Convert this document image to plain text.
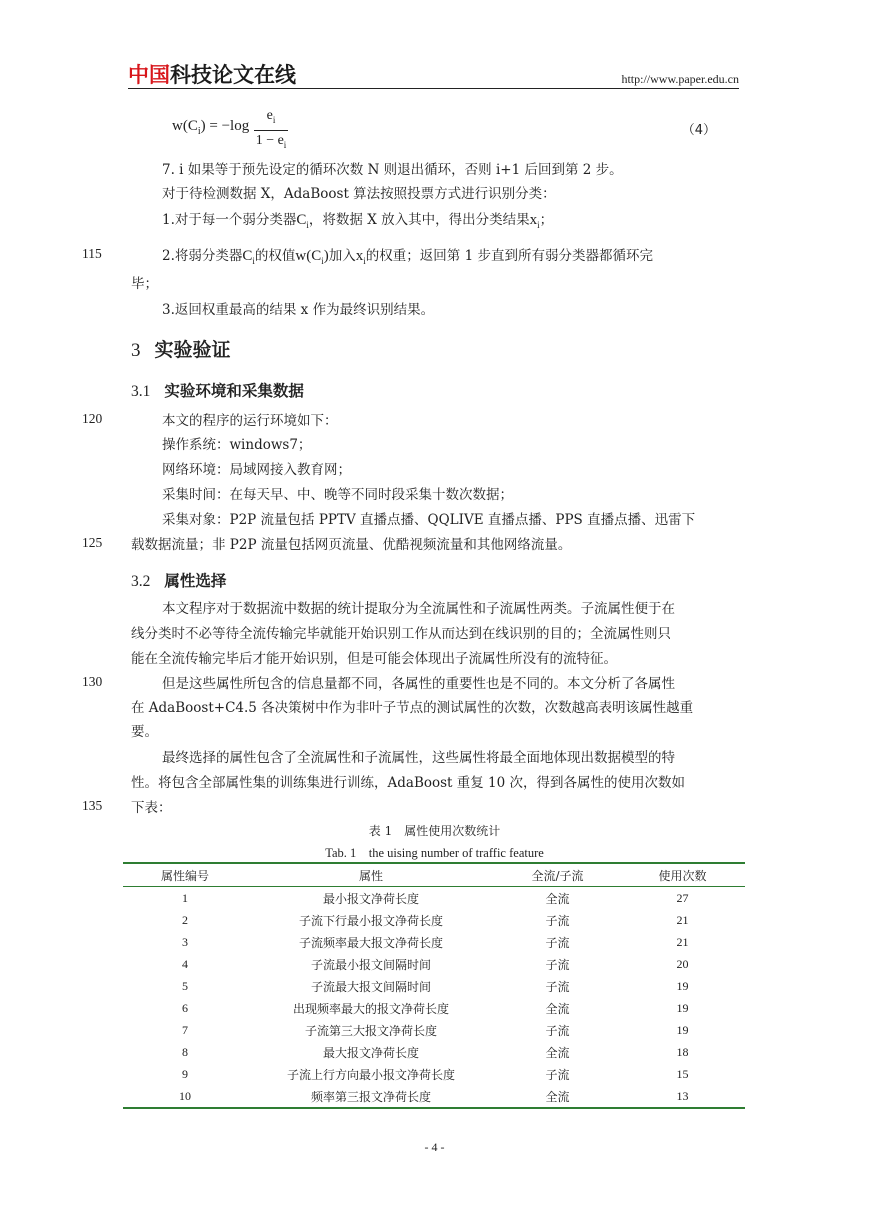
中国科技论文在线	http://www.paper.edu.cn
$w(C_i) = -\log$
$e_i$
$1 - e_i$
（4）
7. i 如果等于预先设定的循环次数 N 则退出循环，否则 i+1 后回到第 2 步。
对于待检测数据 X，AdaBoost 算法按照投票方式进行识别分类：
1.对于每一个弱分类器$C_i$，将数据 X 放入其中，得出分类结果$x_i$；
115	2.将弱分类器$C_i$的权值$w(C_i)$加入$x_i$的权重；返回第 1 步直到所有弱分类器都循环完
毕；
3.返回权重最高的结果 x 作为最终识别结果。
3 实验验证
3.1 实验环境和采集数据
120	本文的程序的运行环境如下：
操作系统：windows7；
网络环境：局域网接入教育网；
采集时间：在每天早、中、晚等不同时段采集十数次数据；
采集对象：P2P 流量包括 PPTV 直播点播、QQLIVE 直播点播、PPS 直播点播、迅雷下
125 载数据流量；非 P2P 流量包括网页流量、优酷视频流量和其他网络流量。
3.2 属性选择
本文程序对于数据流中数据的统计提取分为全流属性和子流属性两类。子流属性便于在
线分类时不必等待全流传输完毕就能开始识别工作从而达到在线识别的目的；全流属性则只
能在全流传输完毕后才能开始识别，但是可能会体现出子流属性所没有的流特征。
130	但是这些属性所包含的信息量都不同，各属性的重要性也是不同的。本文分析了各属性
在 AdaBoost+C4.5 各决策树中作为非叶子节点的测试属性的次数，次数越高表明该属性越重
要。
最终选择的属性包含了全流属性和子流属性，这些属性将最全面地体现出数据模型的特
性。将包含全部属性集的训练集进行训练，AdaBoost 重复 10 次，得到各属性的使用次数如
135 下表：
表 1　属性使用次数统计
Tab. 1　the uising number of traffic feature
属性编号	属性	全流/子流	使用次数
1	最小报文净荷长度	全流	27
2	子流下行最小报文净荷长度	子流	21
3	子流频率最大报文净荷长度	子流	21
4	子流最小报文间隔时间	子流	20
5	子流最大报文间隔时间	子流	19
6	出现频率最大的报文净荷长度	全流	19
7	子流第三大报文净荷长度	子流	19
8	最大报文净荷长度	全流	18
9	子流上行方向最小报文净荷长度	子流	15
10	频率第三报文净荷长度	全流	13
- 4 -
